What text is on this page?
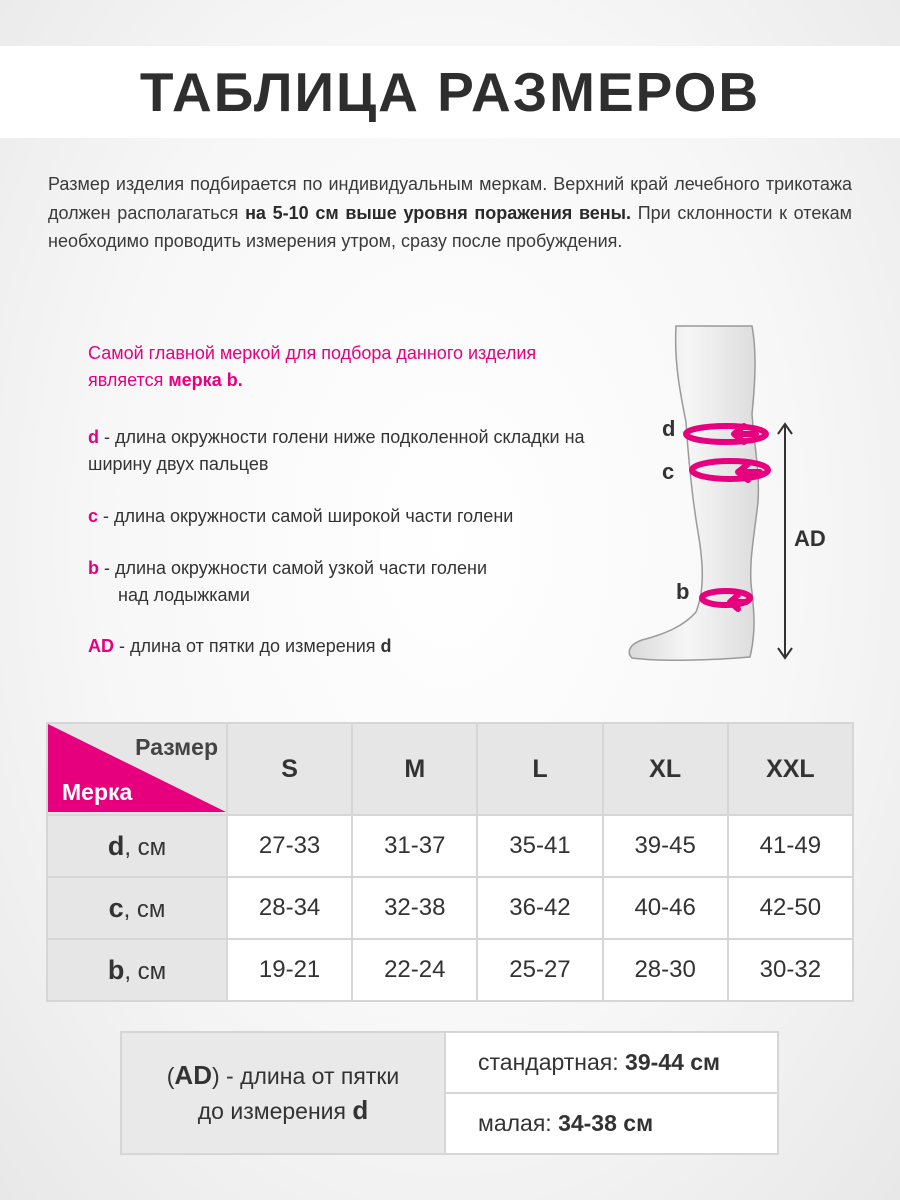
ТАБЛИЦА РАЗМЕРОВ

Размер изделия подбирается по индивидуальным меркам. Верхний край лечебного трикотажа должен располагаться на 5-10 см выше уровня поражения вены. При склонности к отекам необходимо проводить измерения утром, сразу после пробуждения.

Самой главной меркой для подбора данного изделия является мерка b.

d - длина окружности голени ниже подколенной складки на ширину двух пальцев

c - длина окружности самой широкой части голени

b - длина окружности самой узкой части голени
над лодыжками

AD - длина от пятки до измерения d

d
c
b
AD
Размер
Мерка	S	M	L	XL	XXL
d, см	27-33	31-37	35-41	39-45	41-49
c, см	28-34	32-38	36-42	40-46	42-50
b, см	19-21	22-24	25-27	28-30	30-32
(AD) - длина от пятки
до измерения d	стандартная: 39-44 см
малая: 34-38 см
